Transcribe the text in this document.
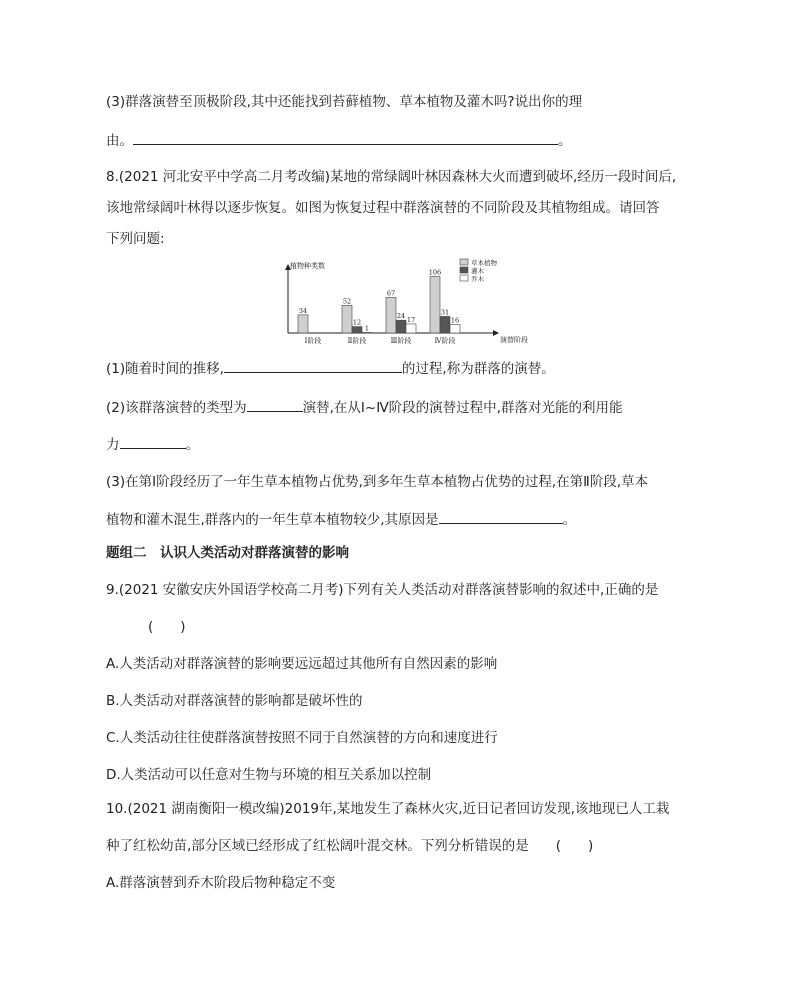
(3)群落演替至顶极阶段,其中还能找到苔藓植物、草本植物及灌木吗?说出你的理
由。	。
8.(2021 河北安平中学高二月考改编)某地的常绿阔叶林因森林大火而遭到破坏,经历一段时间后,
该地常绿阔叶林得以逐步恢复。如图为恢复过程中群落演替的不同阶段及其植物组成。请回答
下列问题:
植物种类数
演替阶段
34
Ⅰ阶段
52
12
1
Ⅱ阶段
67
24 17
Ⅲ阶段
106
31
16
Ⅳ阶段
草本植物
灌木
乔木
(1)随着时间的推移,	的过程,称为群落的演替。
(2)该群落演替的类型为	演替,在从Ⅰ~Ⅳ阶段的演替过程中,群落对光能的利用能
力	。
(3)在第Ⅰ阶段经历了一年生草本植物占优势,到多年生草本植物占优势的过程,在第Ⅱ阶段,草本
植物和灌木混生,群落内的一年生草本植物较少,其原因是	。
题组二　认识人类活动对群落演替的影响
9.(2021 安徽安庆外国语学校高二月考)下列有关人类活动对群落演替影响的叙述中,正确的是
(　　)
A.人类活动对群落演替的影响要远远超过其他所有自然因素的影响
B.人类活动对群落演替的影响都是破坏性的
C.人类活动往往使群落演替按照不同于自然演替的方向和速度进行
D.人类活动可以任意对生物与环境的相互关系加以控制
10.(2021 湖南衡阳一模改编)2019年,某地发生了森林火灾,近日记者回访发现,该地现已人工栽
种了红松幼苗,部分区域已经形成了红松阔叶混交林。下列分析错误的是　　(　　)
A.群落演替到乔木阶段后物种稳定不变
